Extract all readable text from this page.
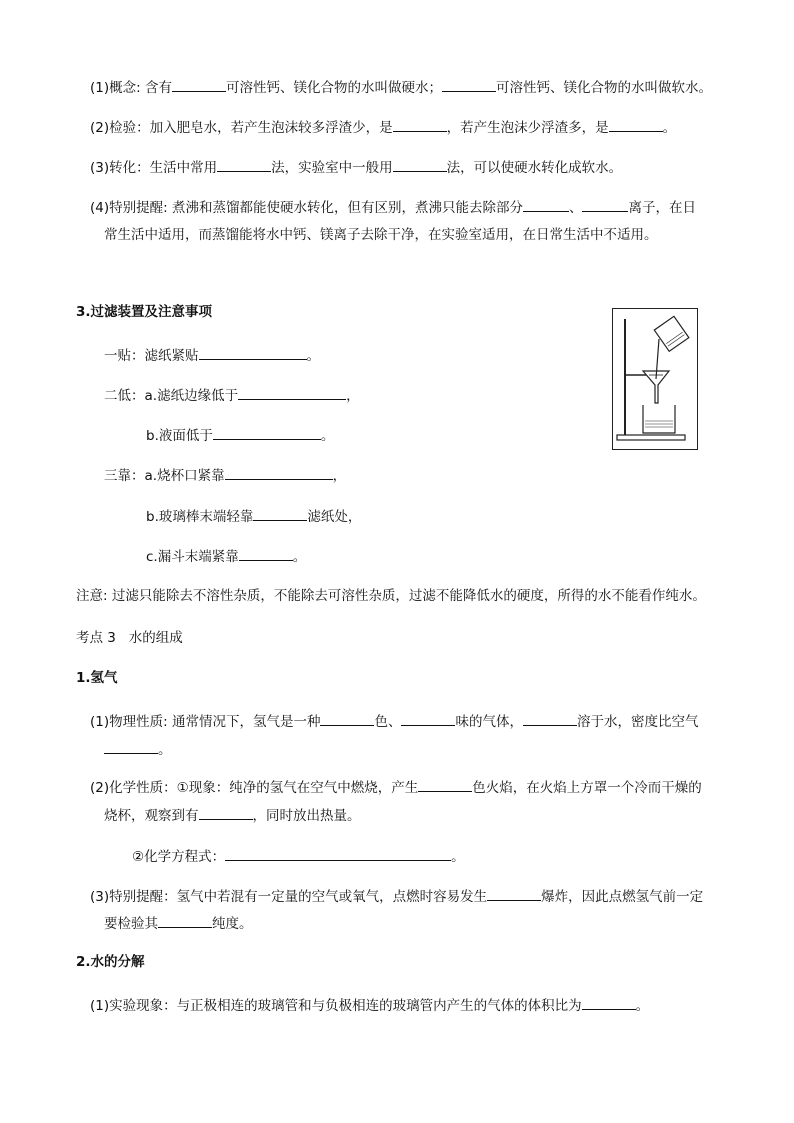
(1)概念: 含有	可溶性钙、镁化合物的水叫做硬水；	可溶性钙、镁化合物的水叫做软水。
(2)检验：加入肥皂水，若产生泡沫较多浮渣少，是	，若产生泡沫少浮渣多，是	。
(3)转化：生活中常用	法，实验室中一般用	法，可以使硬水转化成软水。
(4)特别提醒: 煮沸和蒸馏都能使硬水转化，但有区别，煮沸只能去除部分	、	离子，在日
常生活中适用，而蒸馏能将水中钙、镁离子去除干净，在实验室适用，在日常生活中不适用。
3.过滤装置及注意事项
一贴：滤纸紧贴	。
二低：a.滤纸边缘低于	，
b.液面低于	。
三靠：a.烧杯口紧靠	，
b.玻璃棒末端轻靠	滤纸处，
c.漏斗末端紧靠	。
注意: 过滤只能除去不溶性杂质，不能除去可溶性杂质，过滤不能降低水的硬度，所得的水不能看作纯水。
考点 3 水的组成
1.氢气
(1)物理性质: 通常情况下，氢气是一种	色、	味的气体，	溶于水，密度比空气
。
(2)化学性质：①现象：纯净的氢气在空气中燃烧，产生	色火焰，在火焰上方罩一个冷而干燥的
烧杯，观察到有	，同时放出热量。
②化学方程式：	。
(3)特别提醒：氢气中若混有一定量的空气或氧气，点燃时容易发生	爆炸，因此点燃氢气前一定
要检验其	纯度。
2.水的分解
(1)实验现象：与正极相连的玻璃管和与负极相连的玻璃管内产生的气体的体积比为	。
